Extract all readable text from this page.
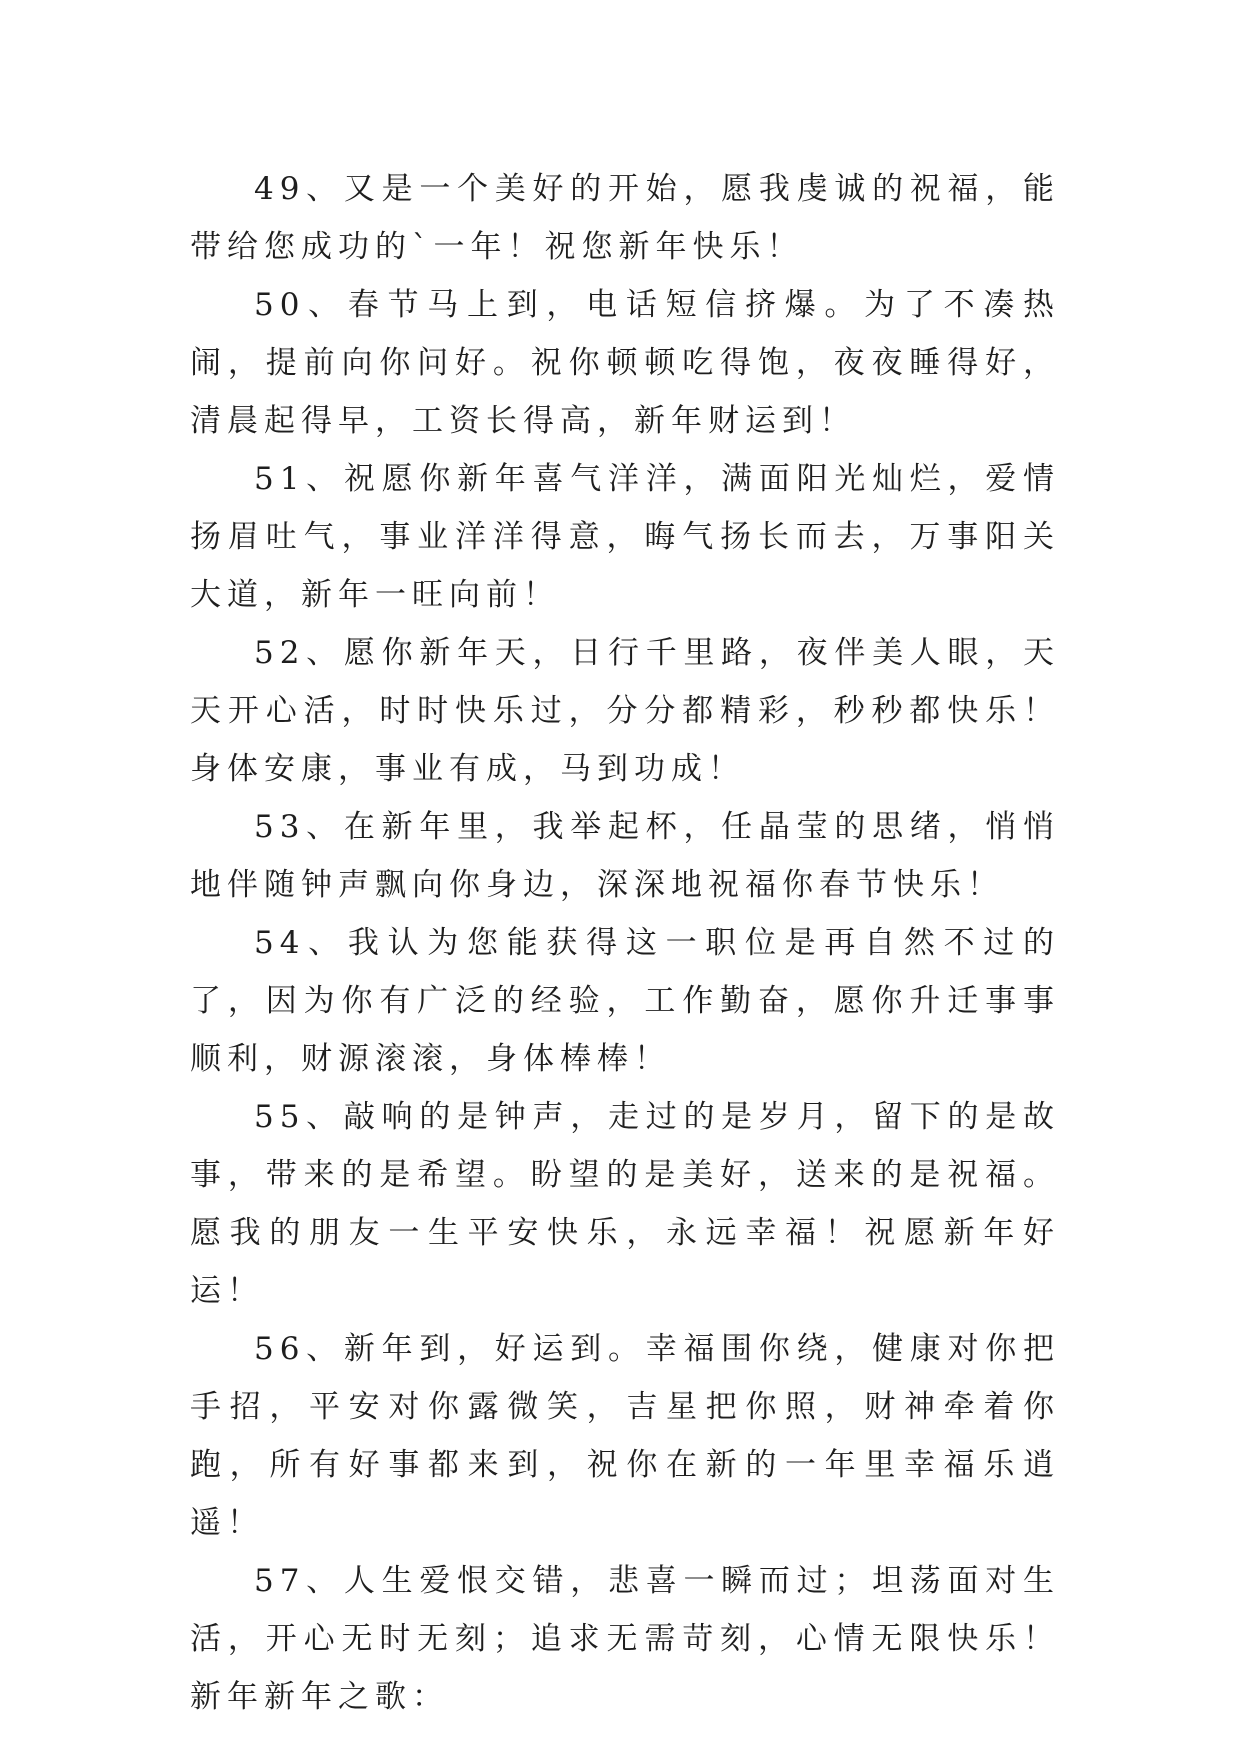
49、又是一个美好的开始，愿我虔诚的祝福，能带给您成功的`一年！祝您新年快乐！

50、春节马上到，电话短信挤爆。为了不凑热闹，提前向你问好。祝你顿顿吃得饱，夜夜睡得好，清晨起得早，工资长得高，新年财运到！

51、祝愿你新年喜气洋洋，满面阳光灿烂，爱情扬眉吐气，事业洋洋得意，晦气扬长而去，万事阳关大道，新年一旺向前！

52、愿你新年天，日行千里路，夜伴美人眼，天天开心活，时时快乐过，分分都精彩，秒秒都快乐！身体安康，事业有成，马到功成！

53、在新年里，我举起杯，任晶莹的思绪，悄悄地伴随钟声飘向你身边，深深地祝福你春节快乐！

54、我认为您能获得这一职位是再自然不过的了，因为你有广泛的经验，工作勤奋，愿你升迁事事顺利，财源滚滚，身体棒棒！

55、敲响的是钟声，走过的是岁月，留下的是故事，带来的是希望。盼望的是美好，送来的是祝福。愿我的朋友一生平安快乐，永远幸福！祝愿新年好运！

56、新年到，好运到。幸福围你绕，健康对你把手招，平安对你露微笑，吉星把你照，财神牵着你跑，所有好事都来到，祝你在新的一年里幸福乐逍遥！

57、人生爱恨交错，悲喜一瞬而过；坦荡面对生活，开心无时无刻；追求无需苛刻，心情无限快乐！新年新年之歌：
